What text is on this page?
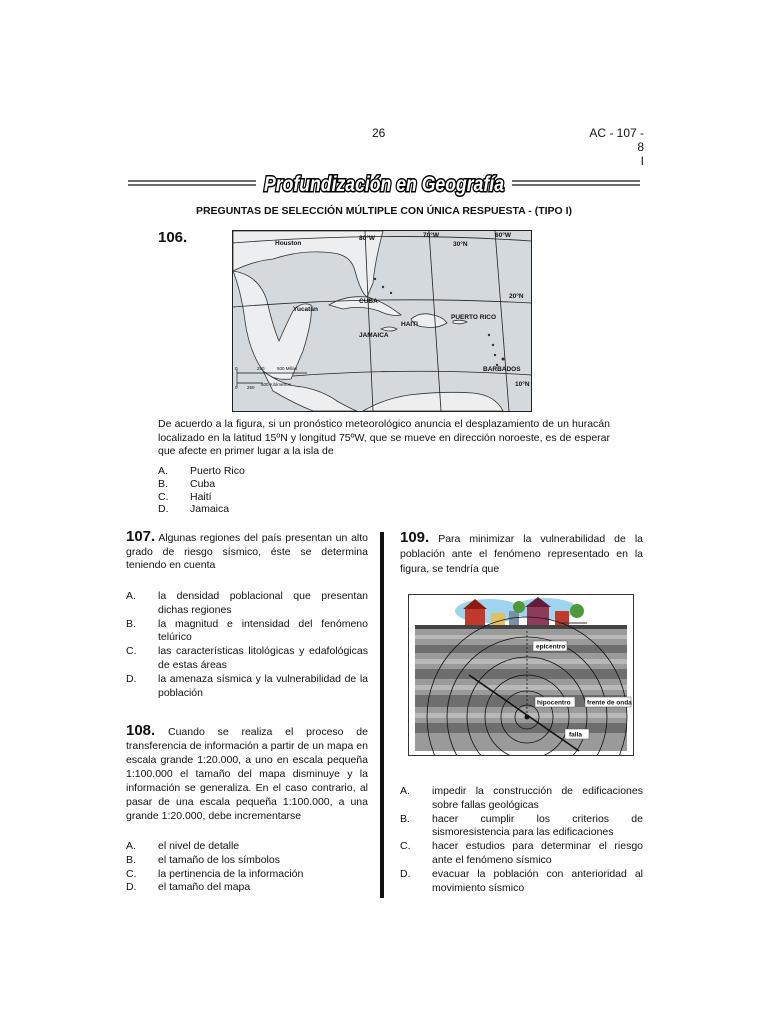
26	AC - 107 - 8
I
Profundización en Geografía
PREGUNTAS DE SELECCIÓN MÚLTIPLE CON ÚNICA RESPUESTA - (TIPO I)
106.	Houston
80°W	70°W	60°W
30°N
20°N
10°N
Yucatán
CUBA
HAITI
PUERTO RICO
JAMAICA
BARBADOS
0	250	500 Millas
0 250
500 Kilómetros
De acuerdo a la figura, si un pronóstico meteorológico anuncia el desplazamiento de un huracán localizado en la latitud 15ºN y longitud 75ºW, que se mueve en dirección noroeste, es de esperar que afecte en primer lugar a la isla de
A.	Puerto Rico
B.	Cuba
C.	Haití
D.	Jamaica
107. Algunas regiones del país presentan un alto grado de riesgo sísmico, éste se determina teniendo en cuenta
A.	la densidad poblacional que presentan dichas regiones
B.	la magnitud e intensidad del fenómeno telúrico
C.	las características litológicas y edafológicas de estas áreas
D.	la amenaza sísmica y la vulnerabilidad de la población
108. Cuando se realiza el proceso de transferencia de información a partir de un mapa en escala grande 1:20.000, a uno en escala pequeña 1:100.000 el tamaño del mapa disminuye y la información se generaliza. En el caso contrario, al pasar de una escala pequeña 1:100.000, a una grande 1:20.000, debe incrementarse
A.	el nivel de detalle
B.	el tamaño de los símbolos
C.	la pertinencia de la información
D.	el tamaño del mapa
109. Para minimizar la vulnerabilidad de la población ante el fenómeno representado en la figura, se tendría que
epicentro
hipocentro	frente de onda
falla
A.	impedir la construcción de edificaciones sobre fallas geológicas
B.	hacer cumplir los criterios de sismoresistencia para las edificaciones
C.	hacer estudios para determinar el riesgo ante el fenómeno sísmico
D.	evacuar la población con anterioridad al movimiento sísmico
